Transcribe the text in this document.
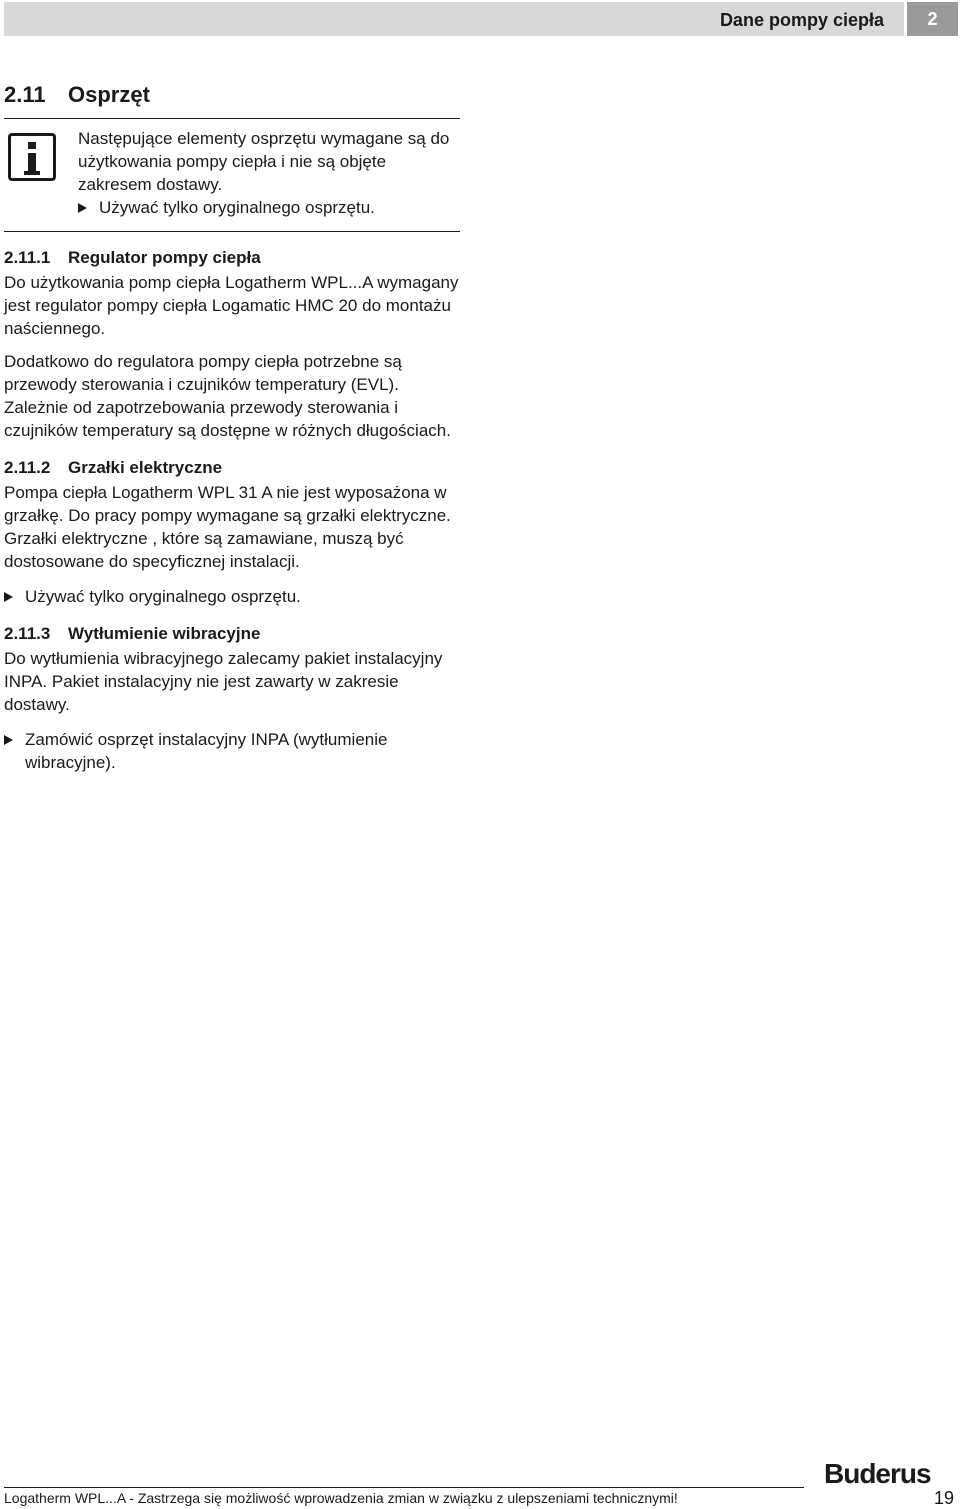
Dane pompy ciepła	2
2.11 Osprzęt
Następujące elementy osprzętu wymagane są do użytkowania pompy ciepła i nie są objęte zakresem dostawy.
Używać tylko oryginalnego osprzętu.
2.11.1 Regulator pompy ciepła

Do użytkowania pomp ciepła Logatherm WPL...A wymagany jest regulator pompy ciepła Logamatic HMC 20 do montażu naściennego.

Dodatkowo do regulatora pompy ciepła potrzebne są przewody sterowania i czujników temperatury (EVL). Zależnie od zapotrzebowania przewody sterowania i czujników temperatury są dostępne w różnych długościach.

2.11.2 Grzałki elektryczne

Pompa ciepła Logatherm WPL 31 A nie jest wyposażona w grzałkę. Do pracy pompy wymagane są grzałki elektryczne. Grzałki elektryczne , które są zamawiane, muszą być dostosowane do specyficznej instalacji.

Używać tylko oryginalnego osprzętu.
2.11.3 Wytłumienie wibracyjne

Do wytłumienia wibracyjnego zalecamy pakiet instalacyjny INPA. Pakiet instalacyjny nie jest zawarty w zakresie dostawy.

Zamówić osprzęt instalacyjny INPA (wytłumienie wibracyjne).
Buderus
Logatherm WPL...A - Zastrzega się możliwość wprowadzenia zmian w związku z ulepszeniami technicznymi!	19
